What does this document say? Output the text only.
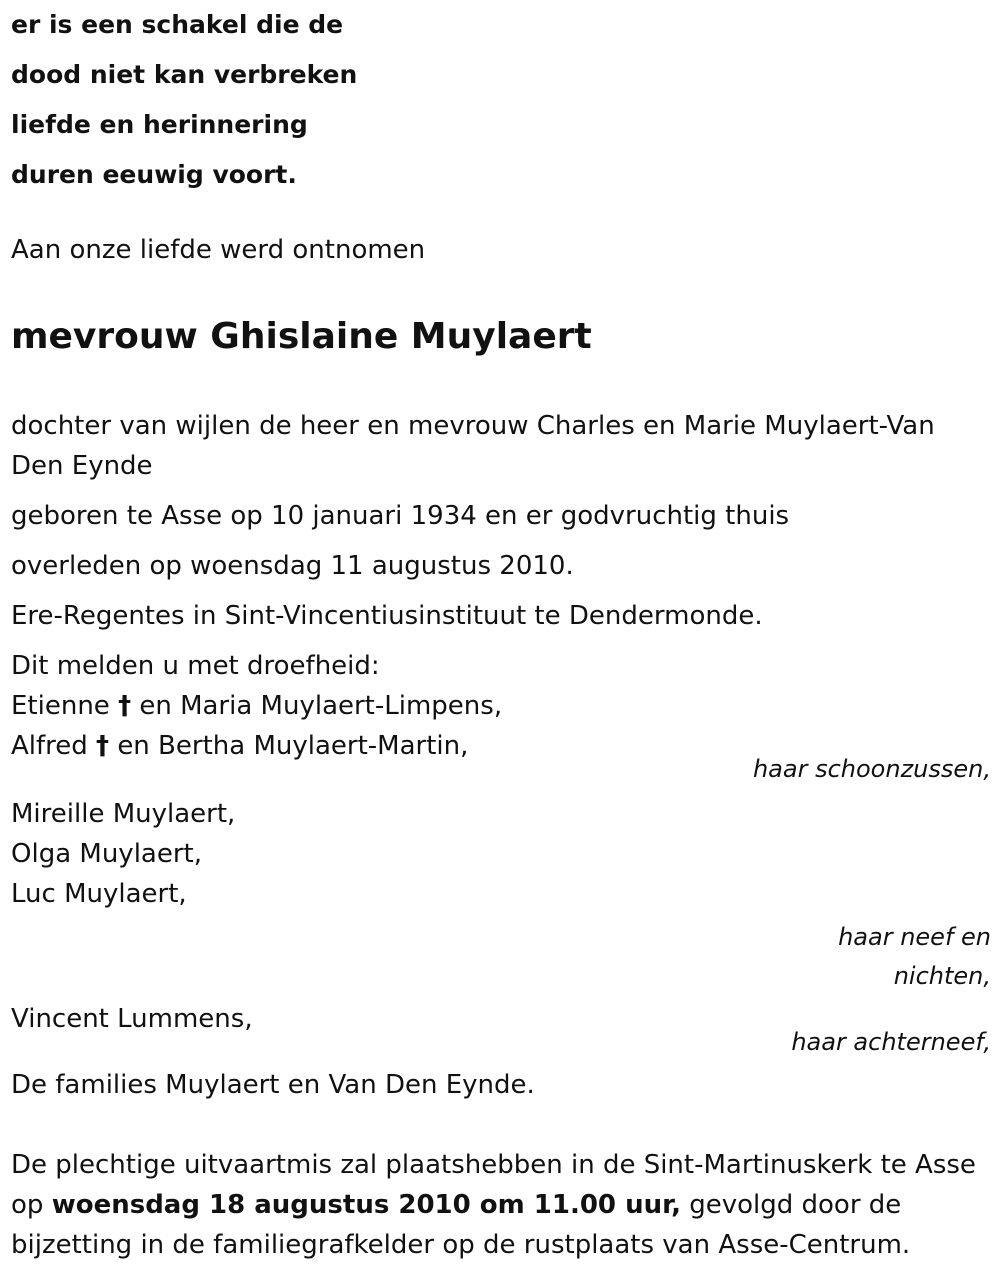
er is een schakel die de
dood niet kan verbreken
liefde en herinnering
duren eeuwig voort.

Aan onze liefde werd ontnomen

mevrouw Ghislaine Muylaert

dochter van wijlen de heer en mevrouw Charles en Marie Muylaert-Van Den Eynde

geboren te Asse op 10 januari 1934 en er godvruchtig thuis

overleden op woensdag 11 augustus 2010.

Ere-Regentes in Sint-Vincentiusinstituut te Dendermonde.

Dit melden u met droefheid:
Etienne † en Maria Muylaert-Limpens,
Alfred † en Bertha Muylaert-Martin,
haar schoonzussen,
Mireille Muylaert,
Olga Muylaert,
Luc Muylaert,
haar neef en
nichten,
Vincent Lummens,
haar achterneef,
De families Muylaert en Van Den Eynde.

De plechtige uitvaartmis zal plaatshebben in de Sint-Martinuskerk te Asse op woensdag 18 augustus 2010 om 11.00 uur, gevolgd door de bijzetting in de familiegrafkelder op de rustplaats van Asse-Centrum.
